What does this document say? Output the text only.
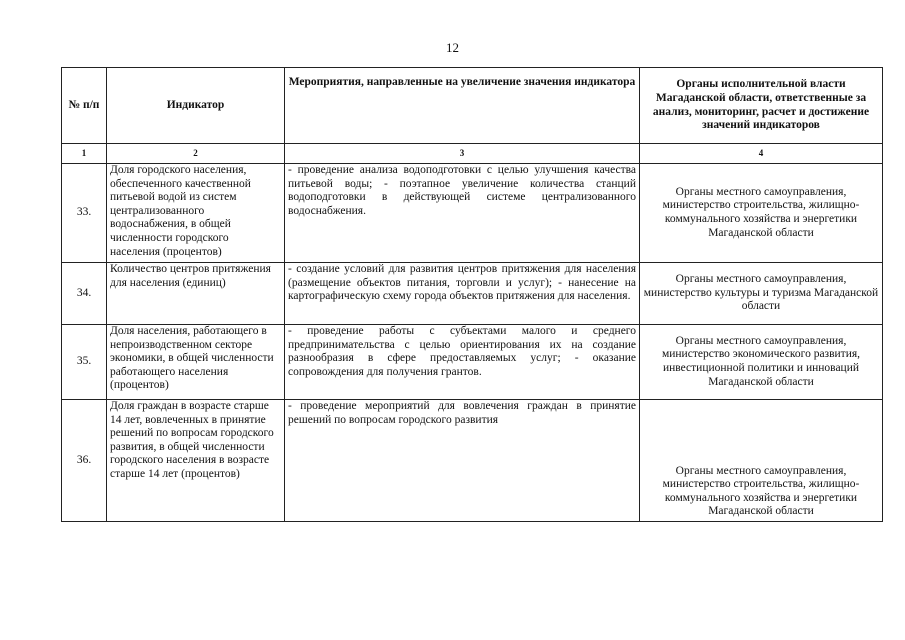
12
№ п/п	Индикатор	Мероприятия, направленные на увеличение значения индикатора	Органы исполнительной власти Магаданской области, ответственные за анализ, мониторинг, расчет и достижение значений индикаторов
1	2	3	4
33.	Доля городского населения, обеспеченного качественной питьевой водой из систем централизованного водоснабжения, в общей численности городского населения (процентов)	- проведение анализа водоподготовки с целью улучшения качества питьевой воды; - поэтапное увеличение количества станций водоподготовки в действующей системе централизованного водоснабжения.	Органы местного самоуправления, министерство строительства, жилищно-коммунального хозяйства и энергетики Магаданской области
34.	Количество центров притяжения для населения (единиц)	- создание условий для развития центров притяжения для населения (размещение объектов питания, торговли и услуг); - нанесение на картографическую схему города объектов притяжения для населения.	Органы местного самоуправления, министерство культуры и туризма Магаданской области
35.	Доля населения, работающего в непроизводственном секторе экономики, в общей численности работающего населения (процентов)	- проведение работы с субъектами малого и среднего предпринимательства с целью ориентирования их на создание разнообразия в сфере предоставляемых услуг; - оказание сопровождения для получения грантов.	Органы местного самоуправления, министерство экономического развития, инвестиционной политики и инноваций Магаданской области
36.	Доля граждан в возрасте старше 14 лет, вовлеченных в принятие решений по вопросам городского развития, в общей численности городского населения в возрасте старше 14 лет (процентов)	- проведение мероприятий для вовлечения граждан в принятие решений по вопросам городского развития	Органы местного самоуправления, министерство строительства, жилищно-коммунального хозяйства и энергетики Магаданской области
